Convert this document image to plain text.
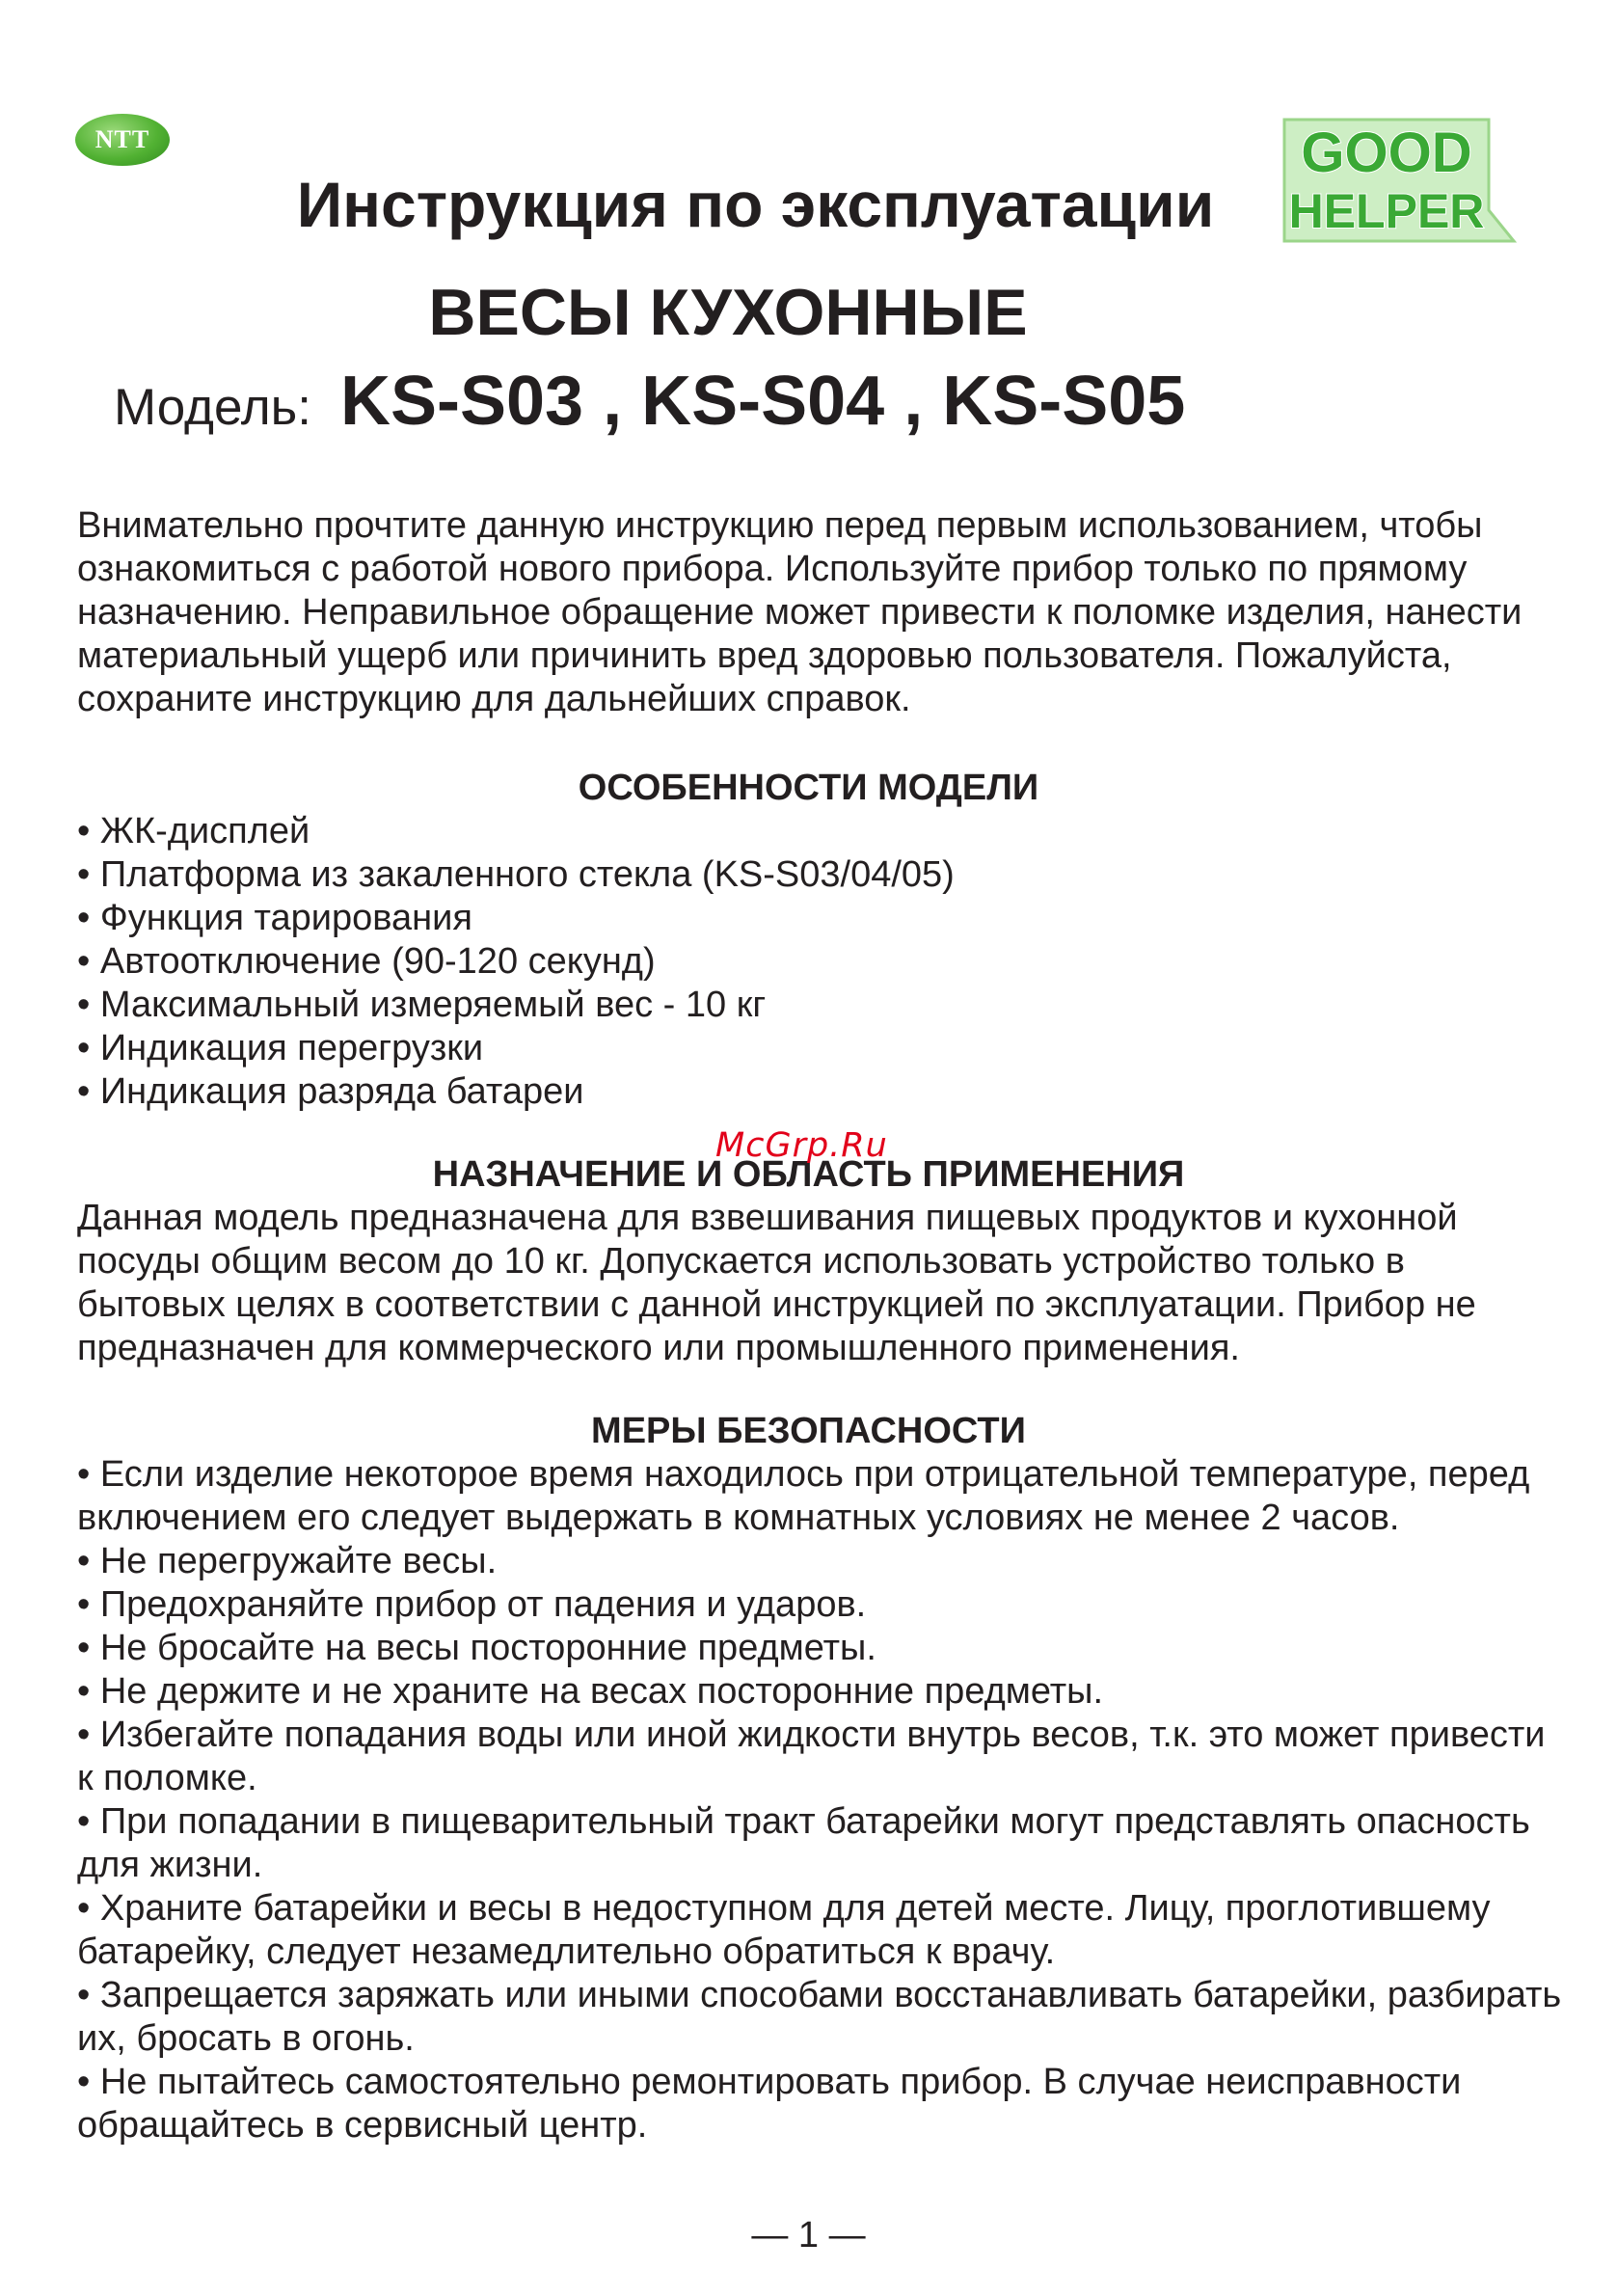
NTT	GOOD
HELPER
Инструкция по эксплуатации
ВЕСЫ КУХОННЫЕ
Модель: KS-S03 , KS-S04 , KS-S05
Внимательно прочтите данную инструкцию перед первым использованием, чтобы ознакомиться с работой нового прибора. Используйте прибор только по прямому назначению. Неправильное обращение может привести к поломке изделия, нанести материальный ущерб или причинить вред здоровью пользователя. Пожалуйста, сохраните инструкцию для дальнейших справок.
ОСОБЕННОСТИ МОДЕЛИ
• ЖК-дисплей
• Платформа из закаленного стекла (KS-S03/04/05)
• Функция тарирования
• Автоотключение (90-120 секунд)
• Максимальный измеряемый вес - 10 кг
• Индикация перегрузки
• Индикация разряда батареи
НАЗНАЧЕНИЕ И ОБЛАСТЬ ПРИМЕНЕНИЯ
McGrp.Ru
Данная модель предназначена для взвешивания пищевых продуктов и кухонной посуды общим весом до 10 кг. Допускается использовать устройство только в бытовых целях в соответствии с данной инструкцией по эксплуатации. Прибор не предназначен для коммерческого или промышленного применения.
МЕРЫ БЕЗОПАСНОСТИ
• Если изделие некоторое время находилось при отрицательной температуре, перед включением его следует выдержать в комнатных условиях не менее 2 часов.
• Не перегружайте весы.
• Предохраняйте прибор от падения и ударов.
• Не бросайте на весы посторонние предметы.
• Не держите и не храните на весах посторонние предметы.
• Избегайте попадания воды или иной жидкости внутрь весов, т.к. это может привести к поломке.
• При попадании в пищеварительный тракт батарейки могут представлять опасность для жизни.
• Храните батарейки и весы в недоступном для детей месте. Лицу, проглотившему батарейку, следует незамедлительно обратиться к врачу.
• Запрещается заряжать или иными способами восстанавливать батарейки, разбирать их, бросать в огонь.
• Не пытайтесь самостоятельно ремонтировать прибор. В случае неисправности обращайтесь в сервисный центр.
— 1 —
